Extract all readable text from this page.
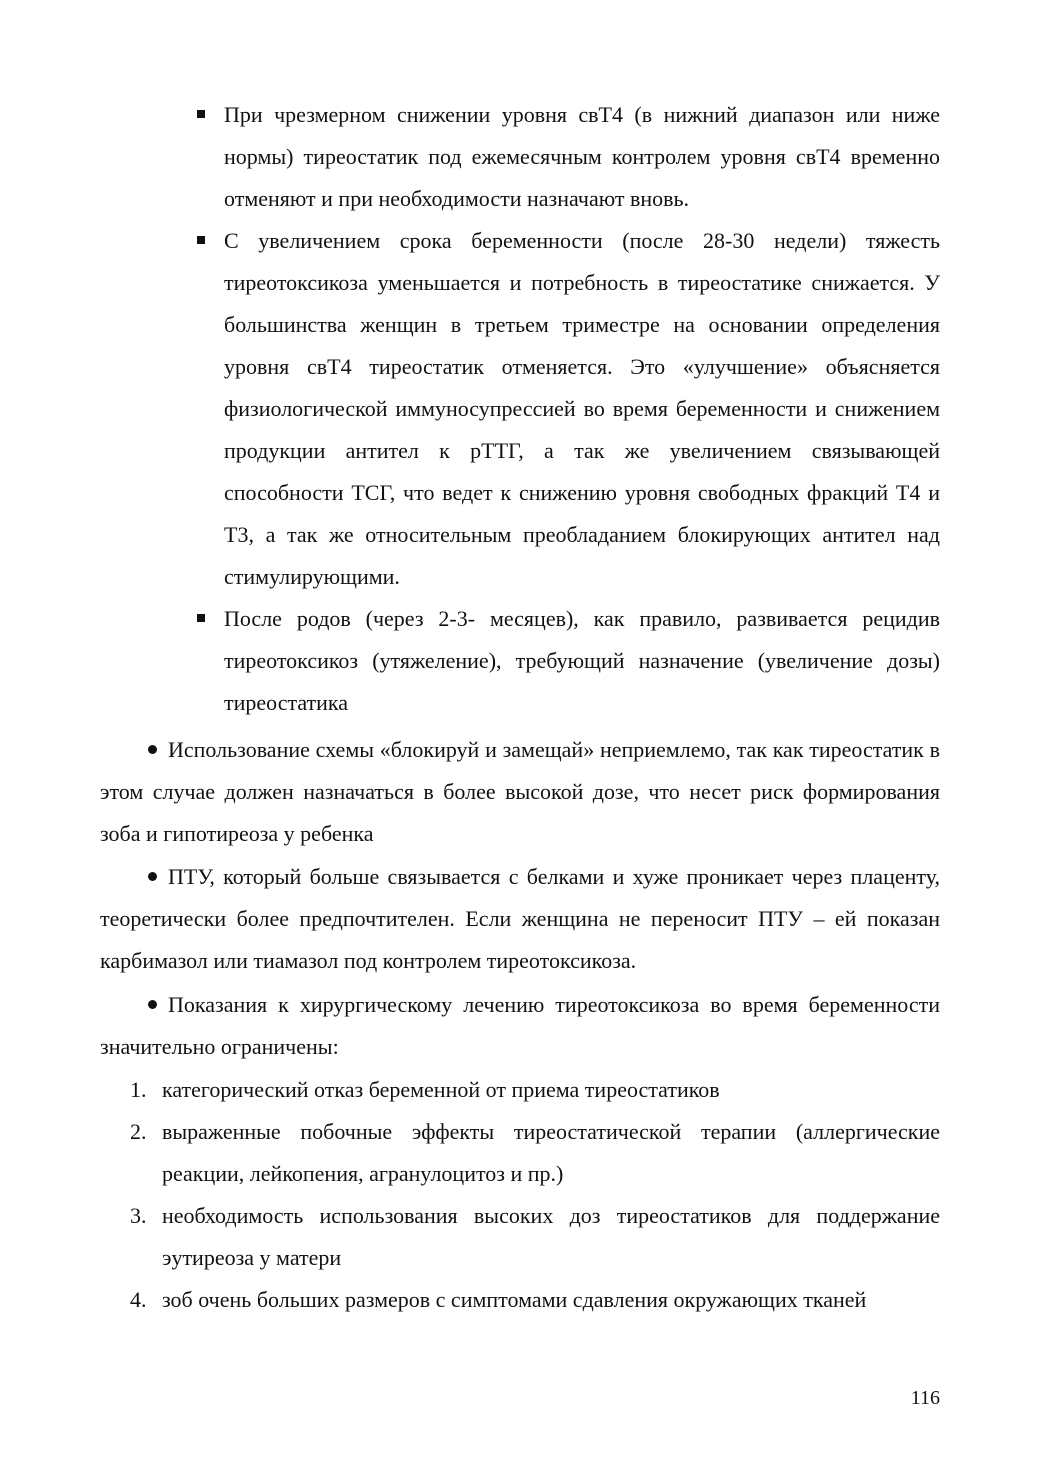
При чрезмерном снижении уровня свТ4 (в нижний диапазон или ниже нормы) тиреостатик под ежемесячным контролем уровня свТ4 временно отменяют и при необходимости назначают вновь.
С увеличением срока беременности (после 28-30 недели) тяжесть тиреотоксикоза уменьшается и потребность в тиреостатике снижается. У большинства женщин в третьем триместре на основании определения уровня свТ4 тиреостатик отменяется. Это «улучшение» объясняется физиологической иммуносупрессией во время беременности и снижением продукции антител к рТТГ, а так же увеличением связывающей способности ТСГ, что ведет к снижению уровня свободных фракций Т4 и Т3, а так же относительным преобладанием блокирующих антител над стимулирующими.
После родов (через 2-3- месяцев), как правило, развивается рецидив тиреотоксикоз (утяжеление), требующий назначение (увеличение дозы) тиреостатика

Использование схемы «блокируй и замещай» неприемлемо, так как тиреостатик в этом случае должен назначаться в более высокой дозе, что несет риск формирования зоба и гипотиреоза у ребенка

ПТУ, который больше связывается с белками и хуже проникает через плаценту, теоретически более предпочтителен. Если женщина не переносит ПТУ – ей показан карбимазол или тиамазол под контролем тиреотоксикоза.

Показания к хирургическому лечению тиреотоксикоза во время беременности значительно ограничены:

1. категорический отказ беременной от приема тиреостатиков
2. выраженные побочные эффекты тиреостатической терапии (аллергические реакции, лейкопения, агранулоцитоз и пр.)
3. необходимость использования высоких доз тиреостатиков для поддержание эутиреоза у матери
4. зоб очень больших размеров с симптомами сдавления окружающих тканей
116
